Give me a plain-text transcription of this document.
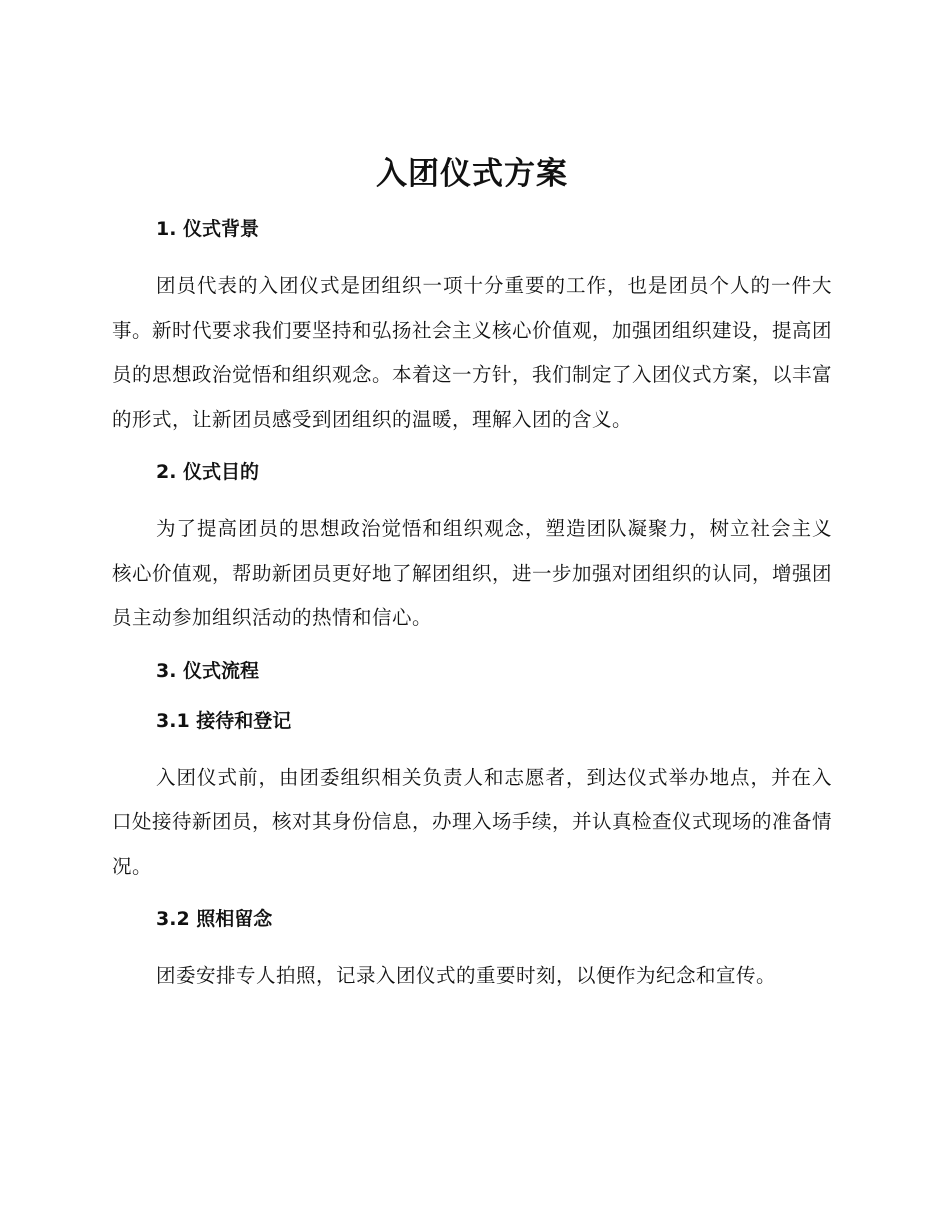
入团仪式方案
1. 仪式背景

团员代表的入团仪式是团组织一项十分重要的工作，也是团员个人的一件大事。新时代要求我们要坚持和弘扬社会主义核心价值观，加强团组织建设，提高团员的思想政治觉悟和组织观念。本着这一方针，我们制定了入团仪式方案，以丰富的形式，让新团员感受到团组织的温暖，理解入团的含义。

2. 仪式目的

为了提高团员的思想政治觉悟和组织观念，塑造团队凝聚力，树立社会主义核心价值观，帮助新团员更好地了解团组织，进一步加强对团组织的认同，增强团员主动参加组织活动的热情和信心。

3. 仪式流程
3.1 接待和登记

入团仪式前，由团委组织相关负责人和志愿者，到达仪式举办地点，并在入口处接待新团员，核对其身份信息，办理入场手续，并认真检查仪式现场的准备情况。

3.2 照相留念

团委安排专人拍照，记录入团仪式的重要时刻，以便作为纪念和宣传。
